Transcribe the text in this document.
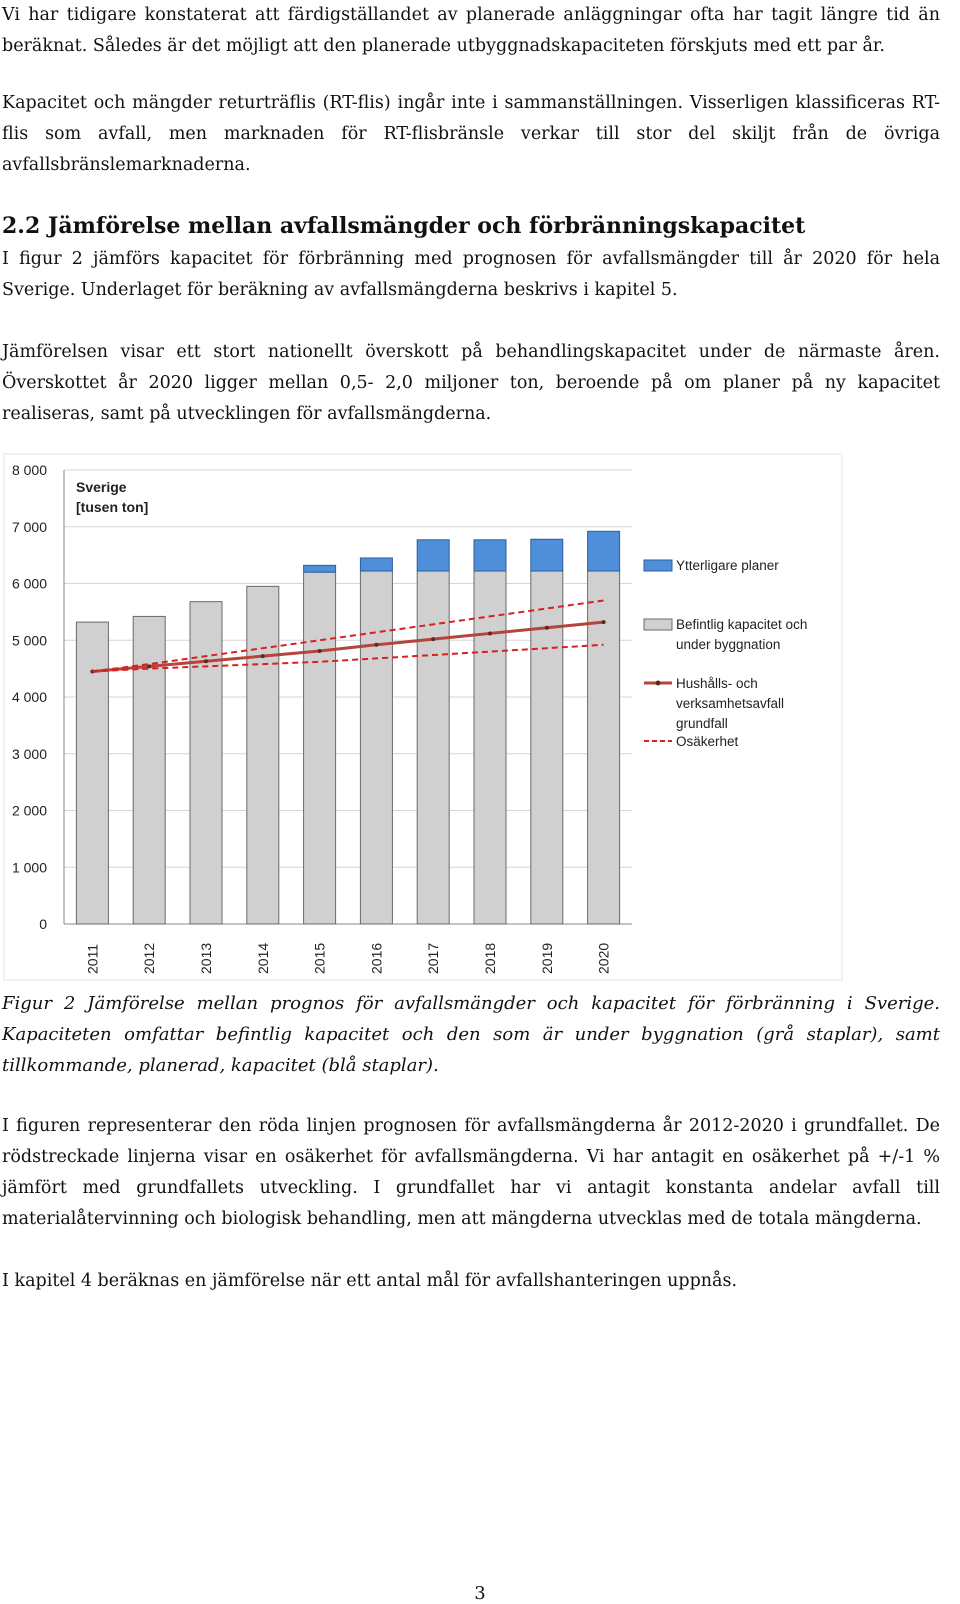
Vi har tidigare konstaterat att färdigställandet av planerade anläggningar ofta har tagit längre tid än beräknat. Således är det möjligt att den planerade utbyggnadskapaciteten förskjuts med ett par år.

Kapacitet och mängder returträflis (RT-flis) ingår inte i sammanställningen. Visserligen klassificeras RT-flis som avfall, men marknaden för RT-flisbränsle verkar till stor del skiljt från de övriga avfallsbränslemarknaderna.

2.2 Jämförelse mellan avfallsmängder och förbränningskapacitet

I figur 2 jämförs kapacitet för förbränning med prognosen för avfallsmängder till år 2020 för hela Sverige. Underlaget för beräkning av avfallsmängderna beskrivs i kapitel 5.

Jämförelsen visar ett stort nationellt överskott på behandlingskapacitet under de närmaste åren. Överskottet år 2020 ligger mellan 0,5- 2,0 miljoner ton, beroende på om planer på ny kapacitet realiseras, samt på utvecklingen för avfallsmängderna.

0
1 000
2 000
3 000
4 000
5 000
6 000
7 000
8 000
Sverige
[tusen ton]
2011	2012	2013	2014	2015	2016	2017	2018	2019	2020
Ytterligare planer
Befintlig kapacitet och
under byggnation
Hushålls- och
verksamhetsavfall
grundfall
Osäkerhet

Figur 2 Jämförelse mellan prognos för avfallsmängder och kapacitet för förbränning i Sverige. Kapaciteten omfattar befintlig kapacitet och den som är under byggnation (grå staplar), samt tillkommande, planerad, kapacitet (blå staplar).

I figuren representerar den röda linjen prognosen för avfallsmängderna år 2012-2020 i grundfallet. De rödstreckade linjerna visar en osäkerhet för avfallsmängderna. Vi har antagit en osäkerhet på +/-1 % jämfört med grundfallets utveckling. I grundfallet har vi antagit konstanta andelar avfall till materialåtervinning och biologisk behandling, men att mängderna utvecklas med de totala mängderna.

I kapitel 4 beräknas en jämförelse när ett antal mål för avfallshanteringen uppnås.

3
